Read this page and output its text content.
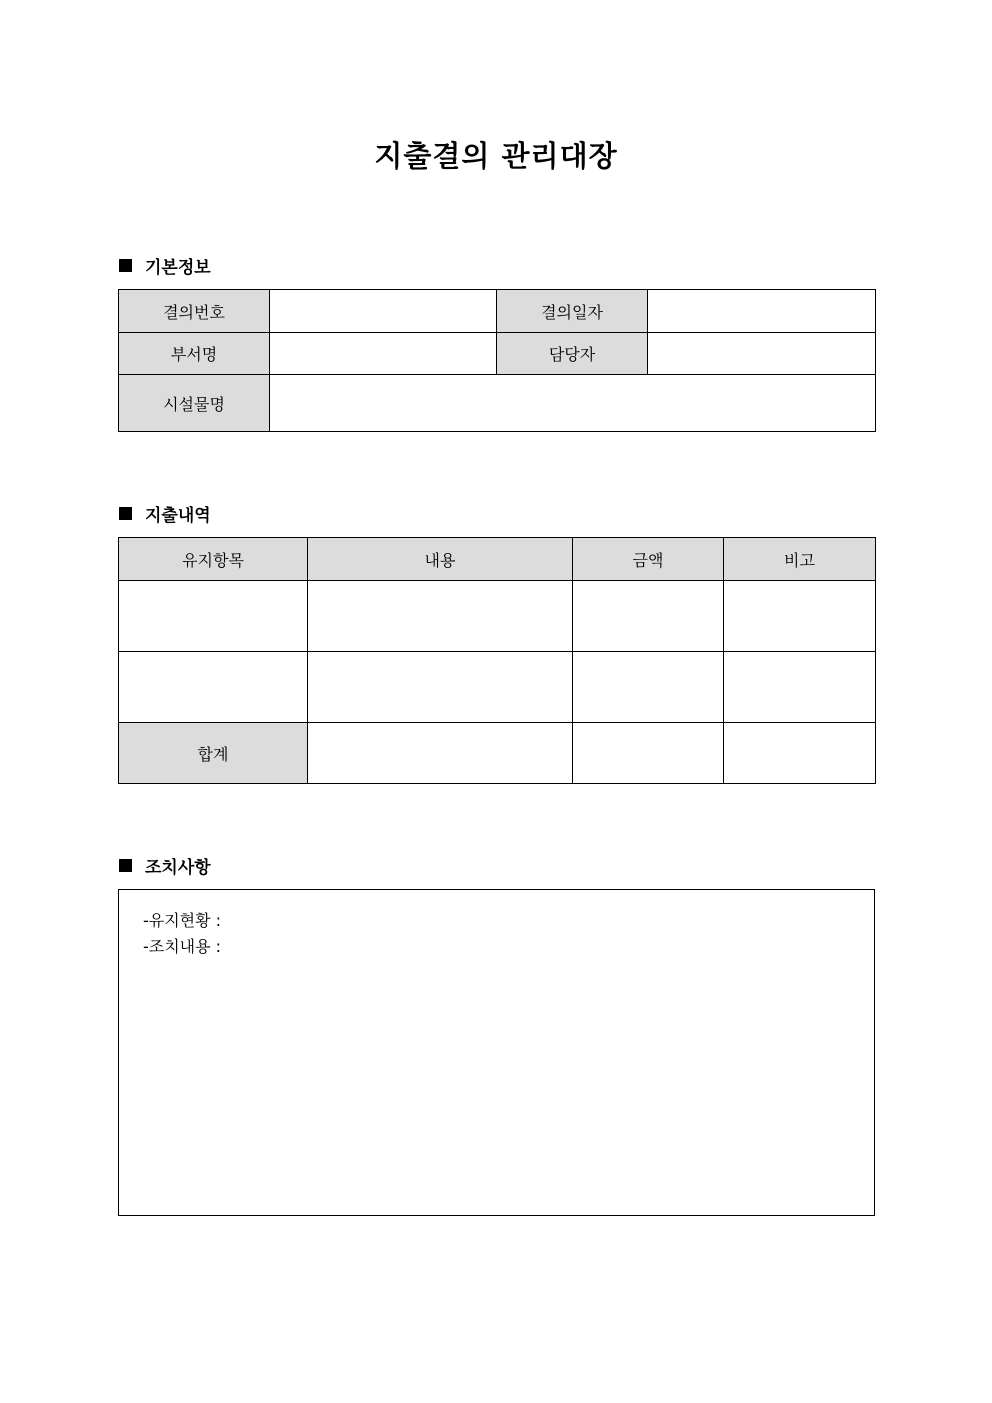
지출결의 관리대장
기본정보
결의번호		결의일자	
부서명		담당자	
시설물명			
지출내역
유지항목	내용	금액	비고

합계			
조치사항
-유지현황 :
-조치내용 :
